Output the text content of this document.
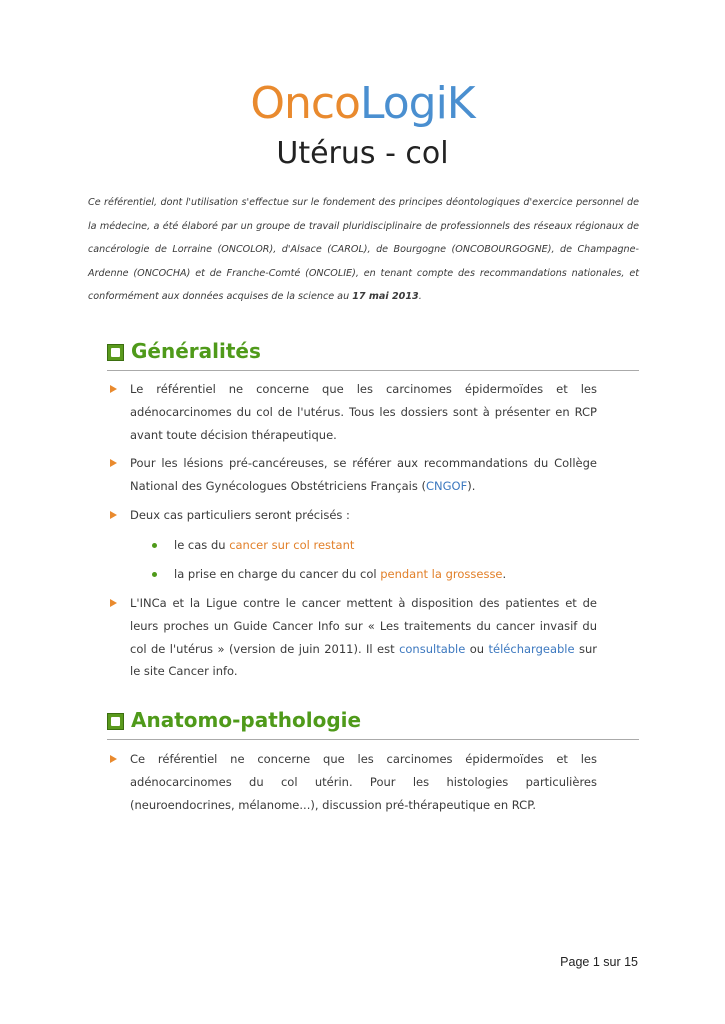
OncoLogiK
Utérus - col

Ce référentiel, dont l'utilisation s'effectue sur le fondement des principes déontologiques d'exercice personnel de la médecine, a été élaboré par un groupe de travail pluridisciplinaire de professionnels des réseaux régionaux de cancérologie de Lorraine (ONCOLOR), d'Alsace (CAROL), de Bourgogne (ONCOBOURGOGNE), de Champagne-Ardenne (ONCOCHA) et de Franche-Comté (ONCOLIE), en tenant compte des recommandations nationales, et conformément aux données acquises de la science au 17 mai 2013.

Généralités

Le référentiel ne concerne que les carcinomes épidermoïdes et les adénocarcinomes du col de l'utérus. Tous les dossiers sont à présenter en RCP avant toute décision thérapeutique.

Pour les lésions pré-cancéreuses, se référer aux recommandations du Collège National des Gynécologues Obstétriciens Français (CNGOF).

Deux cas particuliers seront précisés :

le cas du cancer sur col restant
la prise en charge du cancer du col pendant la grossesse.

L'INCa et la Ligue contre le cancer mettent à disposition des patientes et de leurs proches un Guide Cancer Info sur « Les traitements du cancer invasif du col de l'utérus » (version de juin 2011). Il est consultable ou téléchargeable sur le site Cancer info.

Anatomo-pathologie

Ce référentiel ne concerne que les carcinomes épidermoïdes et les adénocarcinomes du col utérin. Pour les histologies particulières (neuroendocrines, mélanome...), discussion pré-thérapeutique en RCP.

Page 1 sur 15
